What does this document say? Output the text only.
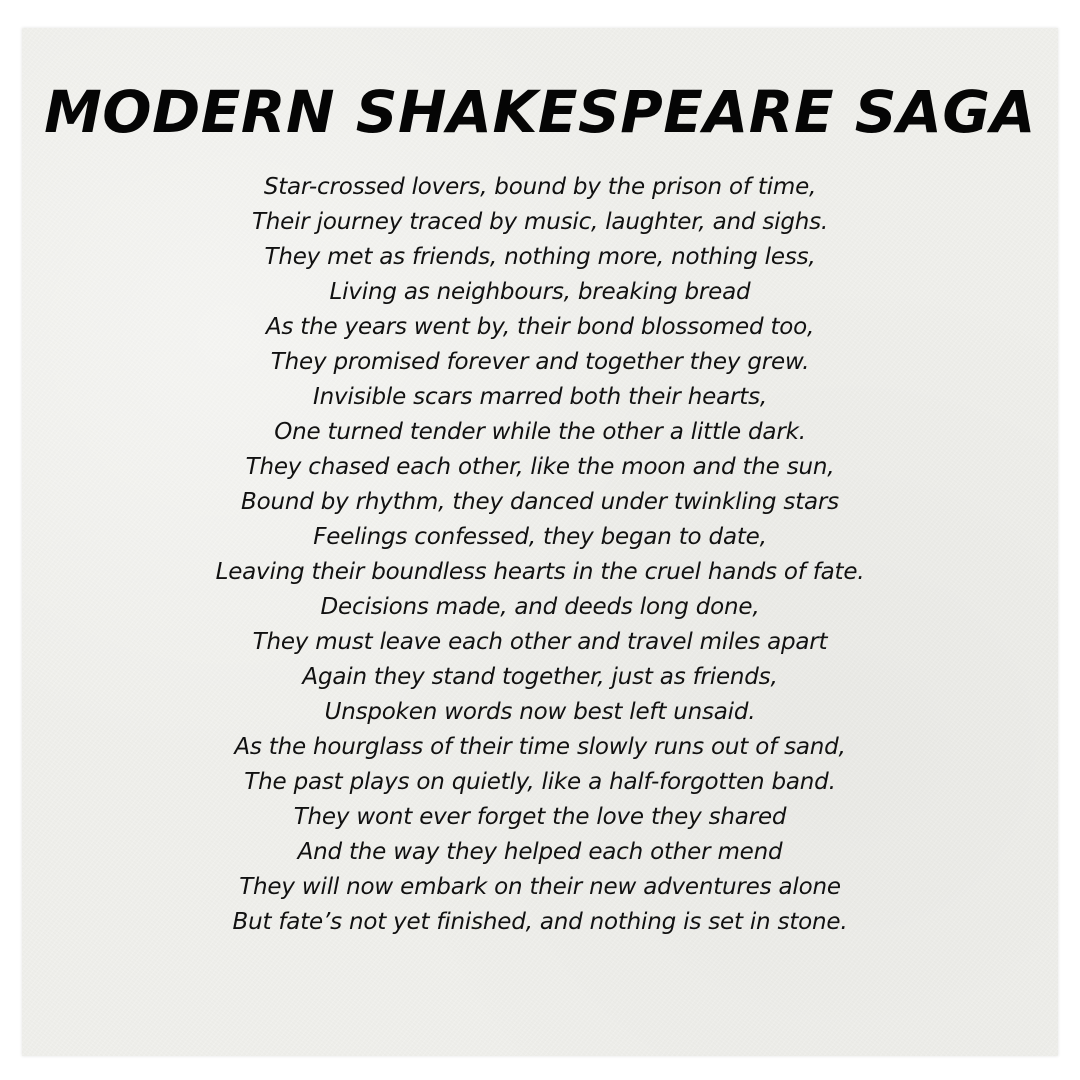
MODERN SHAKESPEARE SAGA
Star-crossed lovers, bound by the prison of time,
Their journey traced by music, laughter, and sighs.
They met as friends, nothing more, nothing less,
Living as neighbours, breaking bread
As the years went by, their bond blossomed too,
They promised forever and together they grew.
Invisible scars marred both their hearts,
One turned tender while the other a little dark.
They chased each other, like the moon and the sun,
Bound by rhythm, they danced under twinkling stars
Feelings confessed, they began to date,
Leaving their boundless hearts in the cruel hands of fate.
Decisions made, and deeds long done,
They must leave each other and travel miles apart
Again they stand together, just as friends,
Unspoken words now best left unsaid.
As the hourglass of their time slowly runs out of sand,
The past plays on quietly, like a half-forgotten band.
They wont ever forget the love they shared
And the way they helped each other mend
They will now embark on their new adventures alone
But fate’s not yet finished, and nothing is set in stone.
